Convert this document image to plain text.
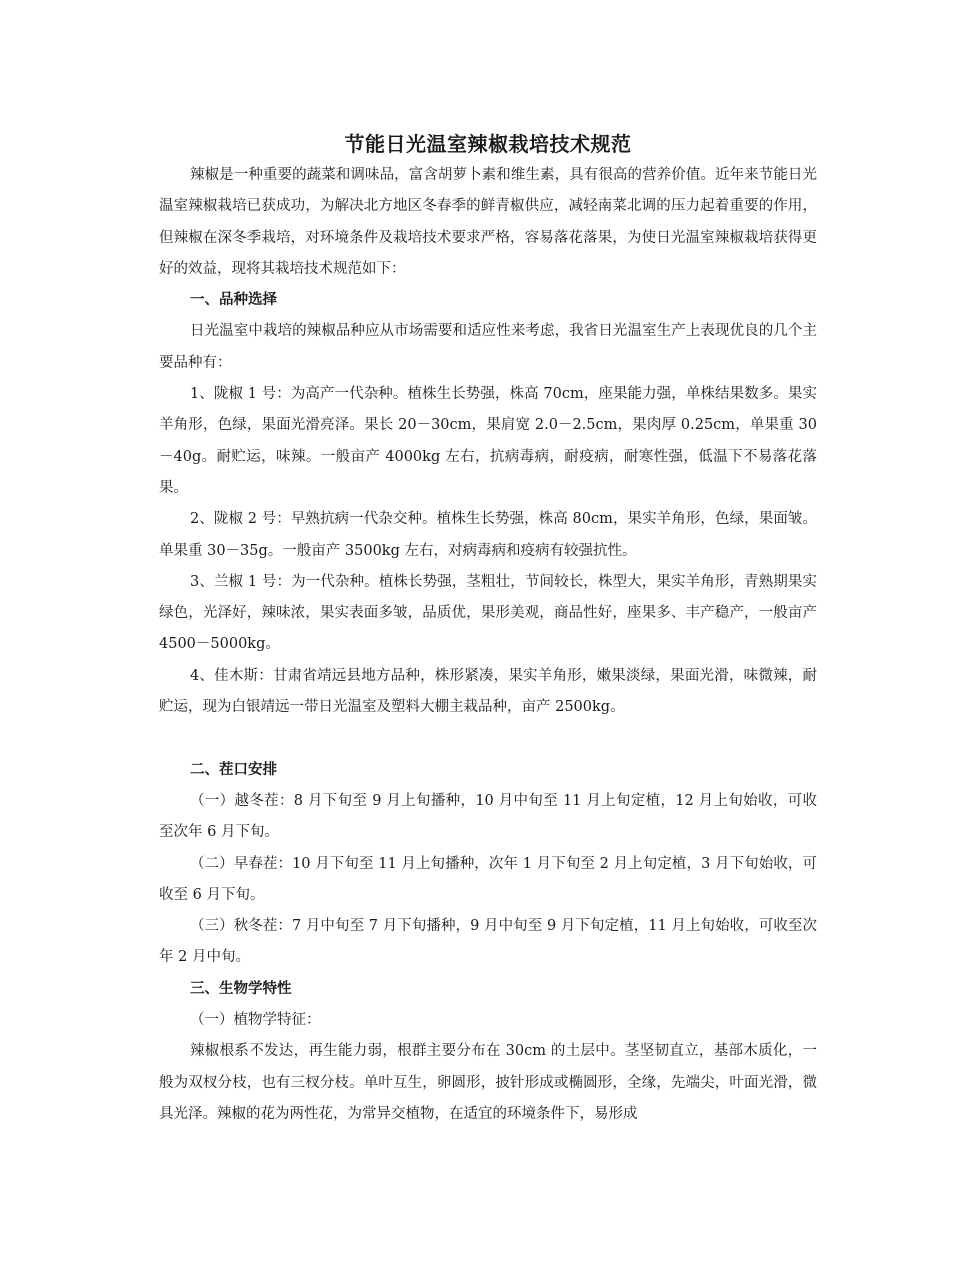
节能日光温室辣椒栽培技术规范

辣椒是一种重要的蔬菜和调味品，富含胡萝卜素和维生素，具有很高的营养价值。近年来节能日光温室辣椒栽培已获成功，为解决北方地区冬春季的鲜青椒供应，减轻南菜北调的压力起着重要的作用，但辣椒在深冬季栽培，对环境条件及栽培技术要求严格，容易落花落果，为使日光温室辣椒栽培获得更好的效益，现将其栽培技术规范如下：

一、品种选择

日光温室中栽培的辣椒品种应从市场需要和适应性来考虑，我省日光温室生产上表现优良的几个主要品种有：

1、陇椒 1 号：为高产一代杂种。植株生长势强，株高 70cm，座果能力强，单株结果数多。果实羊角形，色绿，果面光滑亮泽。果长 20－30cm，果肩宽 2.0－2.5cm，果肉厚 0.25cm，单果重 30－40g。耐贮运，味辣。一般亩产 4000kg 左右，抗病毒病，耐疫病，耐寒性强，低温下不易落花落果。

2、陇椒 2 号：早熟抗病一代杂交种。植株生长势强，株高 80cm，果实羊角形，色绿，果面皱。单果重 30－35g。一般亩产 3500kg 左右，对病毒病和疫病有较强抗性。

3、兰椒 1 号：为一代杂种。植株长势强，茎粗壮，节间较长，株型大，果实羊角形，青熟期果实绿色，光泽好，辣味浓，果实表面多皱，品质优，果形美观，商品性好，座果多、丰产稳产，一般亩产 4500－5000kg。

4、佳木斯：甘肃省靖远县地方品种，株形紧凑，果实羊角形，嫩果淡绿，果面光滑，味微辣，耐贮运，现为白银靖远一带日光温室及塑料大棚主栽品种，亩产 2500kg。

二、茬口安排

（一）越冬茬：8 月下旬至 9 月上旬播种，10 月中旬至 11 月上旬定植，12 月上旬始收，可收至次年 6 月下旬。

（二）早春茬：10 月下旬至 11 月上旬播种，次年 1 月下旬至 2 月上旬定植，3 月下旬始收，可收至 6 月下旬。

（三）秋冬茬：7 月中旬至 7 月下旬播种，9 月中旬至 9 月下旬定植，11 月上旬始收，可收至次年 2 月中旬。

三、生物学特性

（一）植物学特征：

辣椒根系不发达，再生能力弱，根群主要分布在 30cm 的土层中。茎坚韧直立，基部木质化，一般为双杈分枝，也有三杈分枝。单叶互生，卵圆形，披针形成或椭圆形，全缘，先端尖，叶面光滑，微具光泽。辣椒的花为两性花，为常异交植物，在适宜的环境条件下，易形成
